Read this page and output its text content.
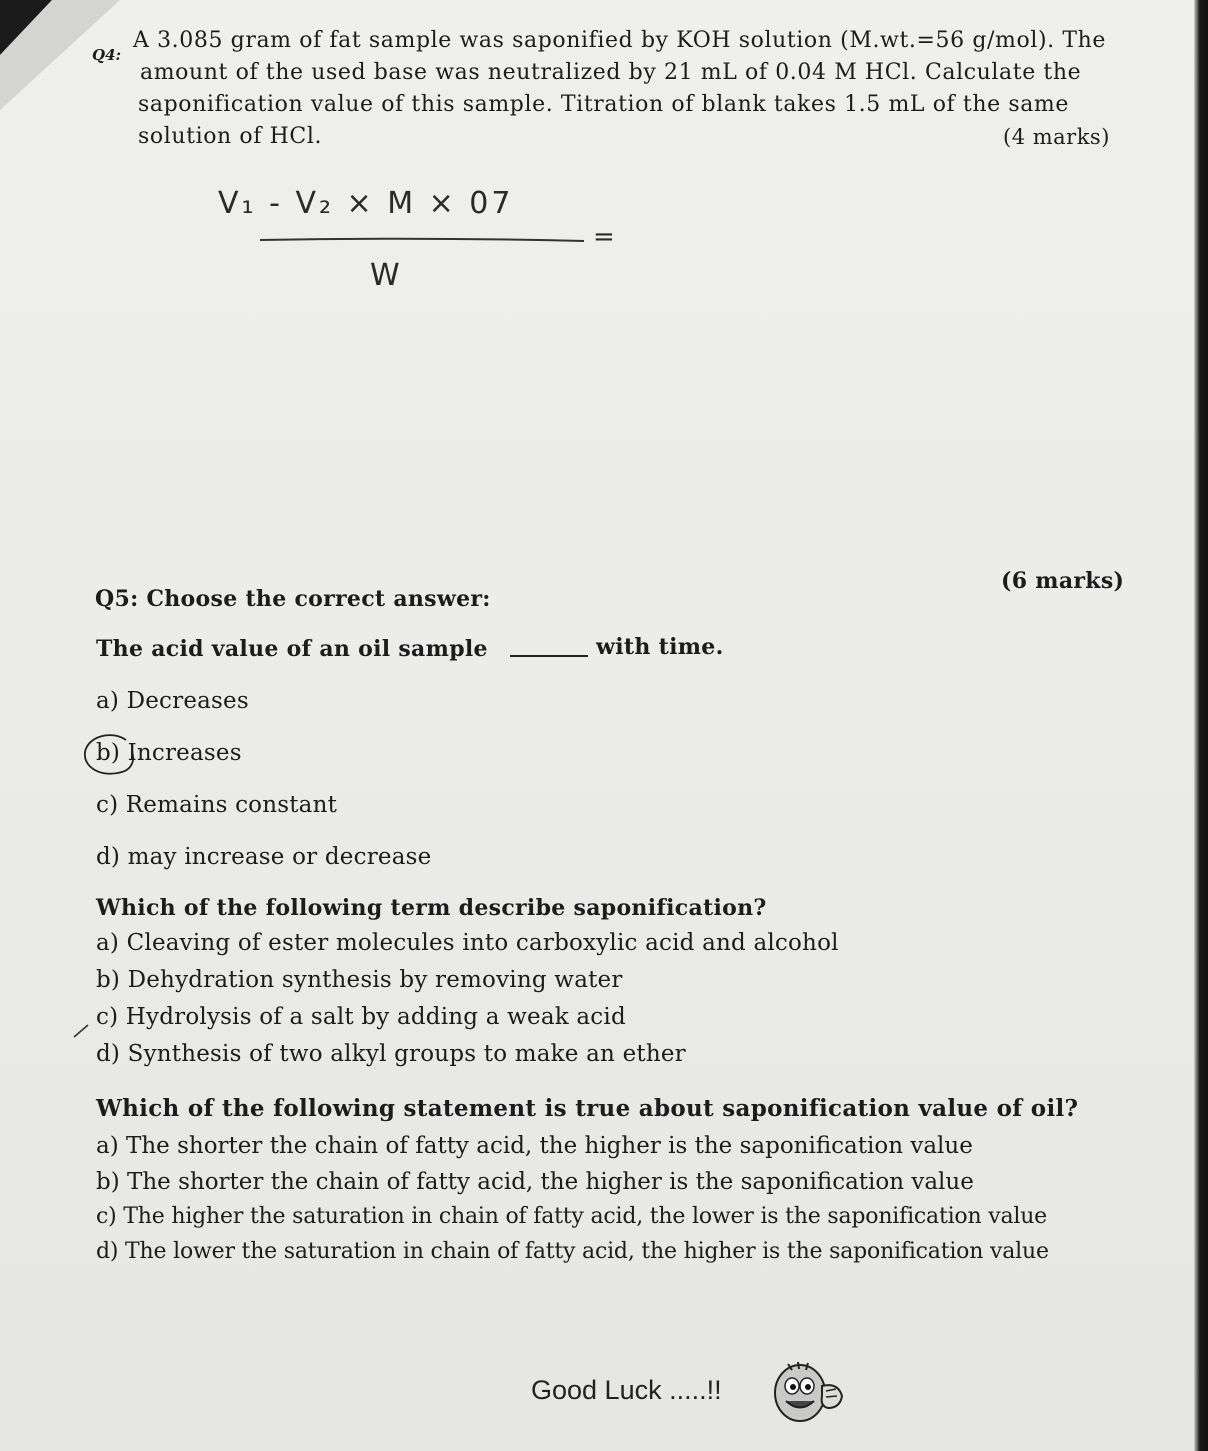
Q4:
A 3.085 gram of fat sample was saponified by KOH solution (M.wt.=56 g/mol). The
amount of the used base was neutralized by 21 mL of 0.04 M HCl. Calculate the
saponification value of this sample. Titration of blank takes 1.5 mL of the same
solution of HCl.	(4 marks)
V₁ - V₂ × M × 07
=
W
(6 marks)
Q5: Choose the correct answer:
The acid value of an oil sample	with time.
a) Decreases
b) Increases
c) Remains constant
d) may increase or decrease
Which of the following term describe saponification?
a) Cleaving of ester molecules into carboxylic acid and alcohol
b) Dehydration synthesis by removing water
c) Hydrolysis of a salt by adding a weak acid
d) Synthesis of two alkyl groups to make an ether
Which of the following statement is true about saponification value of oil?
a) The shorter the chain of fatty acid, the higher is the saponification value
b) The shorter the chain of fatty acid, the higher is the saponification value
c) The higher the saturation in chain of fatty acid, the lower is the saponification value
d) The lower the saturation in chain of fatty acid, the higher is the saponification value
Good Luck .....!!
